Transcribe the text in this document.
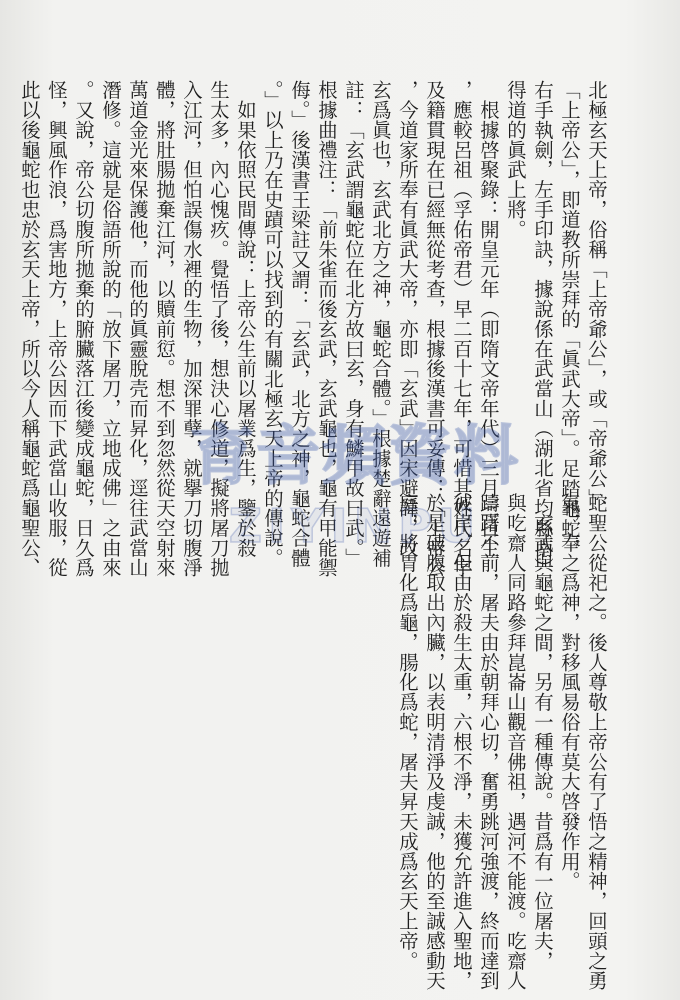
北極玄天上帝，俗稱「上帝爺公」，或「帝爺公」、
「上帝公」，即道教所崇拜的「眞武大帝」。足踏龜蛇，
右手執劍，左手印訣，據說係在武當山（湖北省均縣南）
得道的眞武上將。
　根據啓聚錄：開皇元年（即隋文帝年代）三月三日生
，應較呂祖（孚佑帝君）早二百十七年，可惜其姓氏名字
及籍貫現在已經無從考查，根據後漢書可妥傳：「上帝公
，今道家所奉有眞武大帝，亦即「玄武」因宋避諱，改
玄爲眞也，玄武北方之神，龜蛇合體。」根據楚辭遠遊補
註：「玄武謂龜蛇位在北方故曰玄，身有鱗甲故曰武。」
根據曲禮注：「前朱雀而後玄武，玄武龜也，龜有甲能禦
侮。」後漢書王梁註又謂：「玄武，北方之神，龜蛇合體
。」以上乃在史蹟可以找到的有關北極玄天上帝的傳說。
　如果依照民間傳說：上帝公生前以屠業爲生，鑒於殺
生太多，內心愧疚。覺悟了後，想決心修道，擬將屠刀拋
入江河，但怕誤傷水裡的生物，加深罪孽，就擧刀切腹淨
體，將肚腸拋棄江河，以贖前愆。想不到忽然從天空射來
萬道金光來保護他，而他的眞靈脫壳而昇化，逕往武當山
潛修。這就是俗語所說的「放下屠刀，立地成佛」之由來
。又說，帝公切腹所拋棄的腑臟落江後變成龜蛇，日久爲
怪，興風作浪，爲害地方，上帝公因而下武當山收服，從
此以後龜蛇也忠於玄天上帝，所以今人稱龜蛇爲龜聖公、
蛇聖公從祀之。後人尊敬上帝公有了悟之精神，回頭之勇
氣，奉之爲神，對移風易俗有莫大啓發作用。
　玄武與龜蛇之間，另有一種傳說。昔爲有一位屠夫，
與吃齋人同路參拜崑崙山觀音佛祖，遇河不能渡。吃齋人
躊躇不前，屠夫由於朝拜心切，奮勇跳河強渡，終而達到
彼岸，但由於殺生太重，六根不淨，未獲允許進入聖地，
於是破腹取出內臟，以表明清淨及虔誠，他的至誠感動天
庭，將胃化爲龜，腸化爲蛇，屠夫昇天成爲玄天上帝。
育音頻資料
ZIYINPU
